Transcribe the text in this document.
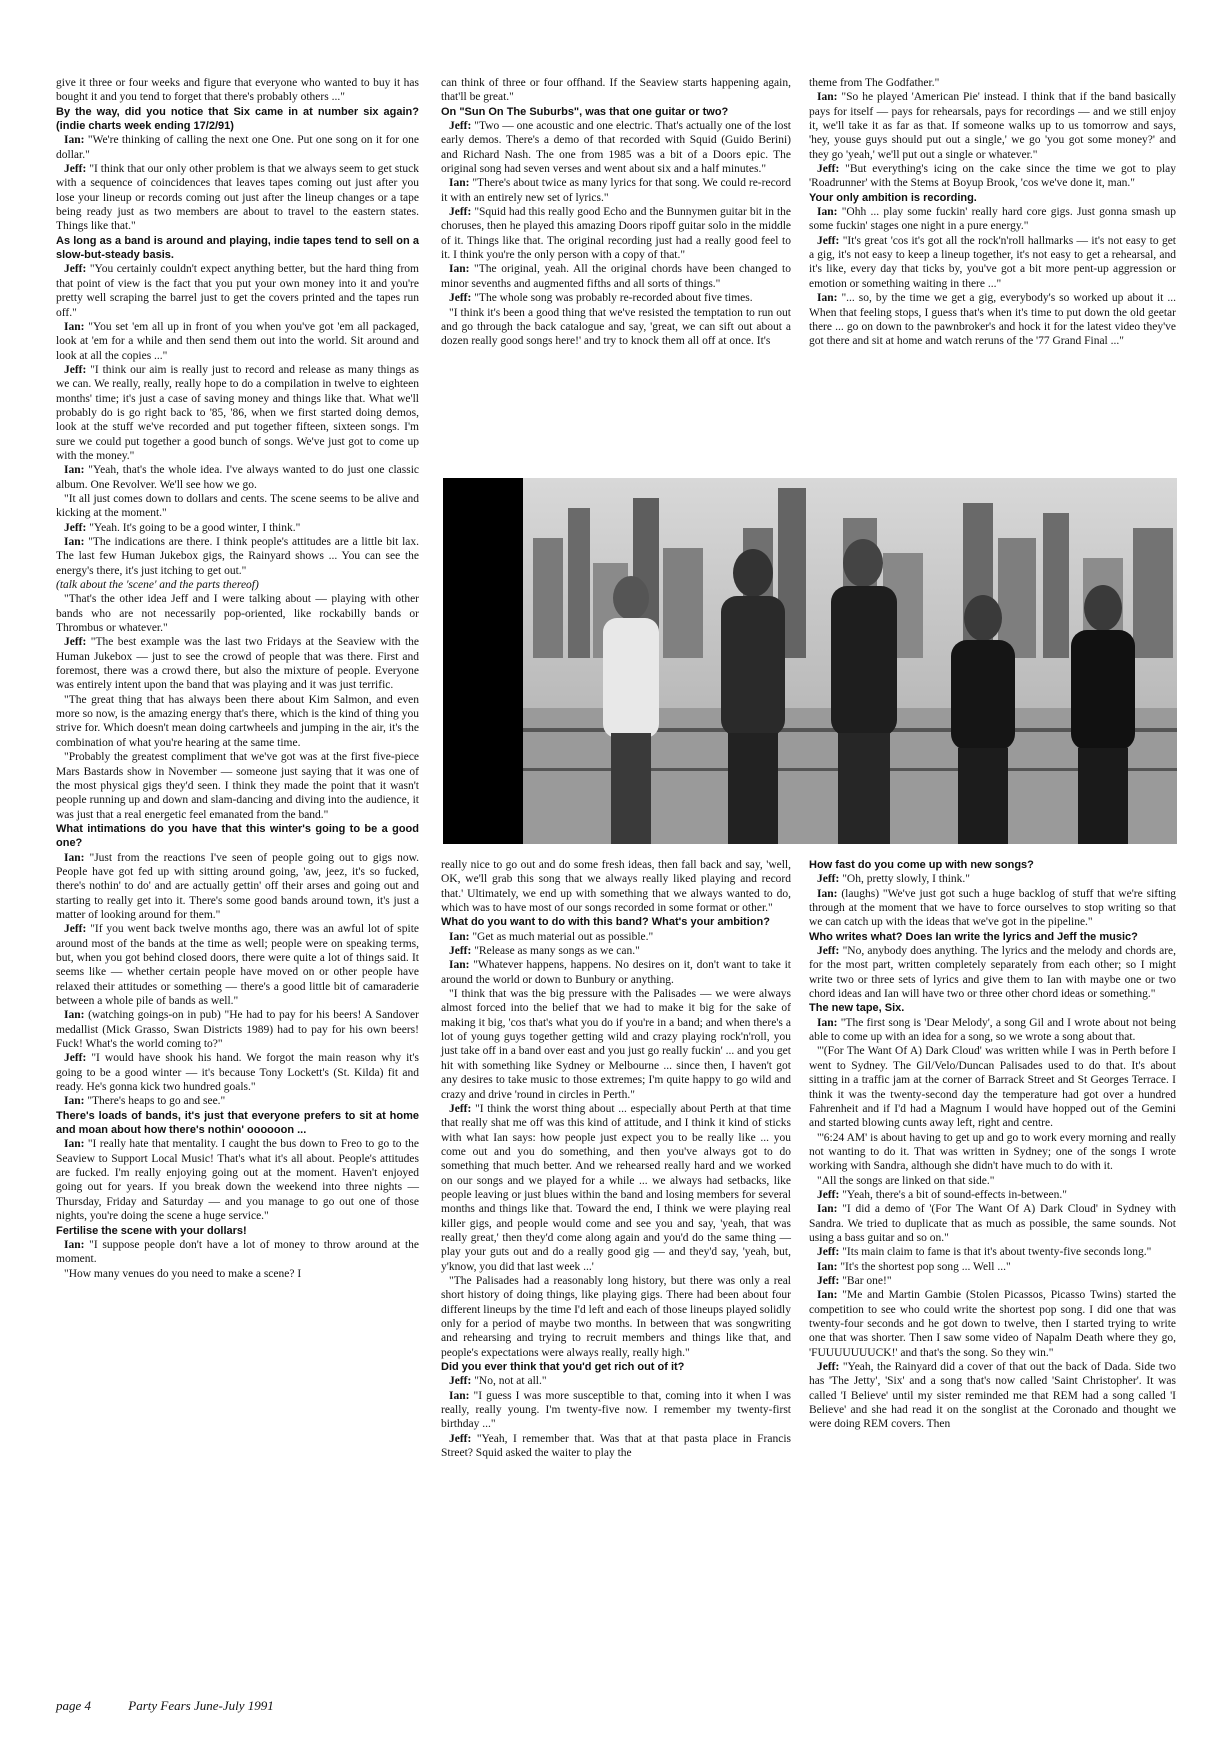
give it three or four weeks and figure that everyone who wanted to buy it has bought it and you tend to forget that there's probably others ..."

By the way, did you notice that Six came in at number six again? (indie charts week ending 17/2/91)

Ian: "We're thinking of calling the next one One. Put one song on it for one dollar."

Jeff: "I think that our only other problem is that we always seem to get stuck with a sequence of coincidences that leaves tapes coming out just after you lose your lineup or records coming out just after the lineup changes or a tape being ready just as two members are about to travel to the eastern states. Things like that."

As long as a band is around and playing, indie tapes tend to sell on a slow-but-steady basis.

Jeff: "You certainly couldn't expect anything better, but the hard thing from that point of view is the fact that you put your own money into it and you're pretty well scraping the barrel just to get the covers printed and the tapes run off."

Ian: "You set 'em all up in front of you when you've got 'em all packaged, look at 'em for a while and then send them out into the world. Sit around and look at all the copies ..."

Jeff: "I think our aim is really just to record and release as many things as we can. We really, really, really hope to do a compilation in twelve to eighteen months' time; it's just a case of saving money and things like that. What we'll probably do is go right back to '85, '86, when we first started doing demos, look at the stuff we've recorded and put together fifteen, sixteen songs. I'm sure we could put together a good bunch of songs. We've just got to come up with the money."

Ian: "Yeah, that's the whole idea. I've always wanted to do just one classic album. One Revolver. We'll see how we go.

"It all just comes down to dollars and cents. The scene seems to be alive and kicking at the moment."

Jeff: "Yeah. It's going to be a good winter, I think."

Ian: "The indications are there. I think people's attitudes are a little bit lax. The last few Human Jukebox gigs, the Rainyard shows ... You can see the energy's there, it's just itching to get out."

(talk about the 'scene' and the parts thereof)

"That's the other idea Jeff and I were talking about — playing with other bands who are not necessarily pop-oriented, like rockabilly bands or Thrombus or whatever."

Jeff: "The best example was the last two Fridays at the Seaview with the Human Jukebox — just to see the crowd of people that was there. First and foremost, there was a crowd there, but also the mixture of people. Everyone was entirely intent upon the band that was playing and it was just terrific.

"The great thing that has always been there about Kim Salmon, and even more so now, is the amazing energy that's there, which is the kind of thing you strive for. Which doesn't mean doing cartwheels and jumping in the air, it's the combination of what you're hearing at the same time.

"Probably the greatest compliment that we've got was at the first five-piece Mars Bastards show in November — someone just saying that it was one of the most physical gigs they'd seen. I think they made the point that it wasn't people running up and down and slam-dancing and diving into the audience, it was just that a real energetic feel emanated from the band."

What intimations do you have that this winter's going to be a good one?

Ian: "Just from the reactions I've seen of people going out to gigs now. People have got fed up with sitting around going, 'aw, jeez, it's so fucked, there's nothin' to do' and are actually gettin' off their arses and going out and starting to really get into it. There's some good bands around town, it's just a matter of looking around for them."

Jeff: "If you went back twelve months ago, there was an awful lot of spite around most of the bands at the time as well; people were on speaking terms, but, when you got behind closed doors, there were quite a lot of things said. It seems like — whether certain people have moved on or other people have relaxed their attitudes or something — there's a good little bit of camaraderie between a whole pile of bands as well."

Ian: (watching goings-on in pub) "He had to pay for his beers! A Sandover medallist (Mick Grasso, Swan Districts 1989) had to pay for his own beers! Fuck! What's the world coming to?"

Jeff: "I would have shook his hand. We forgot the main reason why it's going to be a good winter — it's because Tony Lockett's (St. Kilda) fit and ready. He's gonna kick two hundred goals."

Ian: "There's heaps to go and see."

There's loads of bands, it's just that everyone prefers to sit at home and moan about how there's nothin' oooooon ...

Ian: "I really hate that mentality. I caught the bus down to Freo to go to the Seaview to Support Local Music! That's what it's all about. People's attitudes are fucked. I'm really enjoying going out at the moment. Haven't enjoyed going out for years. If you break down the weekend into three nights — Thursday, Friday and Saturday — and you manage to go out one of those nights, you're doing the scene a huge service."

Fertilise the scene with your dollars!

Ian: "I suppose people don't have a lot of money to throw around at the moment.

"How many venues do you need to make a scene? I

can think of three or four offhand. If the Seaview starts happening again, that'll be great."

On "Sun On The Suburbs", was that one guitar or two?

Jeff: "Two — one acoustic and one electric. That's actually one of the lost early demos. There's a demo of that recorded with Squid (Guido Berini) and Richard Nash. The one from 1985 was a bit of a Doors epic. The original song had seven verses and went about six and a half minutes."

Ian: "There's about twice as many lyrics for that song. We could re-record it with an entirely new set of lyrics."

Jeff: "Squid had this really good Echo and the Bunnymen guitar bit in the choruses, then he played this amazing Doors ripoff guitar solo in the middle of it. Things like that. The original recording just had a really good feel to it. I think you're the only person with a copy of that."

Ian: "The original, yeah. All the original chords have been changed to minor sevenths and augmented fifths and all sorts of things."

Jeff: "The whole song was probably re-recorded about five times.

"I think it's been a good thing that we've resisted the temptation to run out and go through the back catalogue and say, 'great, we can sift out about a dozen really good songs here!' and try to knock them all off at once. It's

theme from The Godfather."

Ian: "So he played 'American Pie' instead. I think that if the band basically pays for itself — pays for rehearsals, pays for recordings — and we still enjoy it, we'll take it as far as that. If someone walks up to us tomorrow and says, 'hey, youse guys should put out a single,' we go 'you got some money?' and they go 'yeah,' we'll put out a single or whatever."

Jeff: "But everything's icing on the cake since the time we got to play 'Roadrunner' with the Stems at Boyup Brook, 'cos we've done it, man."

Your only ambition is recording.

Ian: "Ohh ... play some fuckin' really hard core gigs. Just gonna smash up some fuckin' stages one night in a pure energy."

Jeff: "It's great 'cos it's got all the rock'n'roll hallmarks — it's not easy to get a gig, it's not easy to keep a lineup together, it's not easy to get a rehearsal, and it's like, every day that ticks by, you've got a bit more pent-up aggression or emotion or something waiting in there ..."

Ian: "... so, by the time we get a gig, everybody's so worked up about it ... When that feeling stops, I guess that's when it's time to put down the old geetar there ... go on down to the pawnbroker's and hock it for the latest video they've got there and sit at home and watch reruns of the '77 Grand Final ..."

really nice to go out and do some fresh ideas, then fall back and say, 'well, OK, we'll grab this song that we always really liked playing and record that.' Ultimately, we end up with something that we always wanted to do, which was to have most of our songs recorded in some format or other."

What do you want to do with this band? What's your ambition?

Ian: "Get as much material out as possible."

Jeff: "Release as many songs as we can."

Ian: "Whatever happens, happens. No desires on it, don't want to take it around the world or down to Bunbury or anything.

"I think that was the big pressure with the Palisades — we were always almost forced into the belief that we had to make it big for the sake of making it big, 'cos that's what you do if you're in a band; and when there's a lot of young guys together getting wild and crazy playing rock'n'roll, you just take off in a band over east and you just go really fuckin' ... and you get hit with something like Sydney or Melbourne ... since then, I haven't got any desires to take music to those extremes; I'm quite happy to go wild and crazy and drive 'round in circles in Perth."

Jeff: "I think the worst thing about ... especially about Perth at that time that really shat me off was this kind of attitude, and I think it kind of sticks with what Ian says: how people just expect you to be really like ... you come out and you do something, and then you've always got to do something that much better. And we rehearsed really hard and we worked on our songs and we played for a while ... we always had setbacks, like people leaving or just blues within the band and losing members for several months and things like that. Toward the end, I think we were playing real killer gigs, and people would come and see you and say, 'yeah, that was really great,' then they'd come along again and you'd do the same thing — play your guts out and do a really good gig — and they'd say, 'yeah, but, y'know, you did that last week ...'

"The Palisades had a reasonably long history, but there was only a real short history of doing things, like playing gigs. There had been about four different lineups by the time I'd left and each of those lineups played solidly only for a period of maybe two months. In between that was songwriting and rehearsing and trying to recruit members and things like that, and people's expectations were always really, really high."

Did you ever think that you'd get rich out of it?

Jeff: "No, not at all."

Ian: "I guess I was more susceptible to that, coming into it when I was really, really young. I'm twenty-five now. I remember my twenty-first birthday ..."

Jeff: "Yeah, I remember that. Was that at that pasta place in Francis Street? Squid asked the waiter to play the

How fast do you come up with new songs?

Jeff: "Oh, pretty slowly, I think."

Ian: (laughs) "We've just got such a huge backlog of stuff that we're sifting through at the moment that we have to force ourselves to stop writing so that we can catch up with the ideas that we've got in the pipeline."

Who writes what? Does Ian write the lyrics and Jeff the music?

Jeff: "No, anybody does anything. The lyrics and the melody and chords are, for the most part, written completely separately from each other; so I might write two or three sets of lyrics and give them to Ian with maybe one or two chord ideas and Ian will have two or three other chord ideas or something."

The new tape, Six.

Ian: "The first song is 'Dear Melody', a song Gil and I wrote about not being able to come up with an idea for a song, so we wrote a song about that.

"'(For The Want Of A) Dark Cloud' was written while I was in Perth before I went to Sydney. The Gil/Velo/Duncan Palisades used to do that. It's about sitting in a traffic jam at the corner of Barrack Street and St Georges Terrace. I think it was the twenty-second day the temperature had got over a hundred Fahrenheit and if I'd had a Magnum I would have hopped out of the Gemini and started blowing cunts away left, right and centre.

"'6:24 AM' is about having to get up and go to work every morning and really not wanting to do it. That was written in Sydney; one of the songs I wrote working with Sandra, although she didn't have much to do with it.

"All the songs are linked on that side."

Jeff: "Yeah, there's a bit of sound-effects in-between."

Ian: "I did a demo of '(For The Want Of A) Dark Cloud' in Sydney with Sandra. We tried to duplicate that as much as possible, the same sounds. Not using a bass guitar and so on."

Jeff: "Its main claim to fame is that it's about twenty-five seconds long."

Ian: "It's the shortest pop song ... Well ..."

Jeff: "Bar one!"

Ian: "Me and Martin Gambie (Stolen Picassos, Picasso Twins) started the competition to see who could write the shortest pop song. I did one that was twenty-four seconds and he got down to twelve, then I started trying to write one that was shorter. Then I saw some video of Napalm Death where they go, 'FUUUUUUUCK!' and that's the song. So they win."

Jeff: "Yeah, the Rainyard did a cover of that out the back of Dada. Side two has 'The Jetty', 'Six' and a song that's now called 'Saint Christopher'. It was called 'I Believe' until my sister reminded me that REM had a song called 'I Believe' and she had read it on the songlist at the Coronado and thought we were doing REM covers. Then

page 4	Party Fears June-July 1991
